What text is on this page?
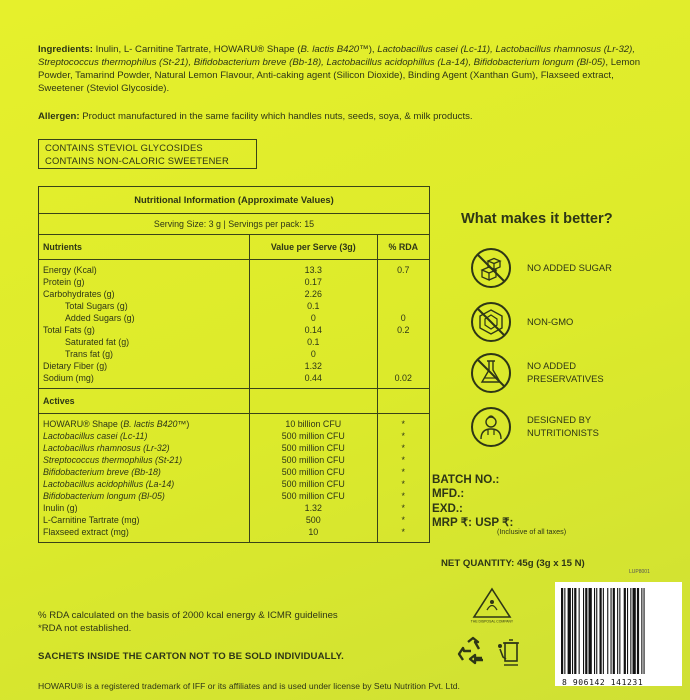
Ingredients: Inulin, L- Carnitine Tartrate, HOWARU® Shape (B. lactis B420™), Lactobacillus casei (Lc-11), Lactobacillus rhamnosus (Lr-32), Streptococcus thermophilus (St-21), Bifidobacterium breve (Bb-18), Lactobacillus acidophillus (La-14), Bifidobacterium longum (Bl-05), Lemon Powder, Tamarind Powder, Natural Lemon Flavour, Anti-caking agent (Silicon Dioxide), Binding Agent (Xanthan Gum), Flaxseed extract, Sweetener (Steviol Glycoside).
Allergen: Product manufactured in the same facility which handles nuts, seeds, soya, & milk products.
CONTAINS STEVIOL GLYCOSIDES
CONTAINS NON-CALORIC SWEETENER
Nutritional Information (Approximate Values)		
Serving Size: 3 g | Servings per pack: 15		
Nutrients	Value per Serve (3g)	% RDA
Energy (Kcal)	13.3	0.7
Protein (g)	0.17	
Carbohydrates (g)	2.26	
Total Sugars (g)	0.1	
Added Sugars (g)	0	0
Total Fats (g)	0.14	0.2
Saturated fat (g)	0.1	
Trans fat (g)	0	
Dietary Fiber (g)	1.32	
Sodium (mg)	0.44	0.02
Actives		
HOWARU® Shape (B. lactis B420™)	10 billion CFU	*
Lactobacillus casei (Lc-11)	500 million CFU	*
Lactobacillus rhamnosus (Lr-32)	500 million CFU	*
Streptococcus thermophilus (St-21)	500 million CFU	*
Bifidobacterium breve (Bb-18)	500 million CFU	*
Lactobacillus acidophillus (La-14)	500 million CFU	*
Bifidobacterium longum (Bl-05)	500 million CFU	*
Inulin (g)	1.32	*
L-Carnitine Tartrate (mg)	500	*
Flaxseed extract (mg)	10	*
% RDA calculated on the basis of 2000 kcal energy & ICMR guidelines
*RDA not established.
SACHETS INSIDE THE CARTON NOT TO BE SOLD INDIVIDUALLY.
HOWARU® is a registered trademark of IFF or its affiliates and is used under license by Setu Nutrition Pvt. Ltd.
What makes it better?
NO ADDED SUGAR
NON-GMO
NO ADDED
PRESERVATIVES
DESIGNED BY
NUTRITIONISTS
BATCH NO.:
MFD.:
EXD.:
MRP ₹: USP ₹:
(Inclusive of all taxes)
NET QUANTITY: 45g (3g x 15 N)
LUP8001
THE DISPOSAL COMPANY
8 906142 141231
